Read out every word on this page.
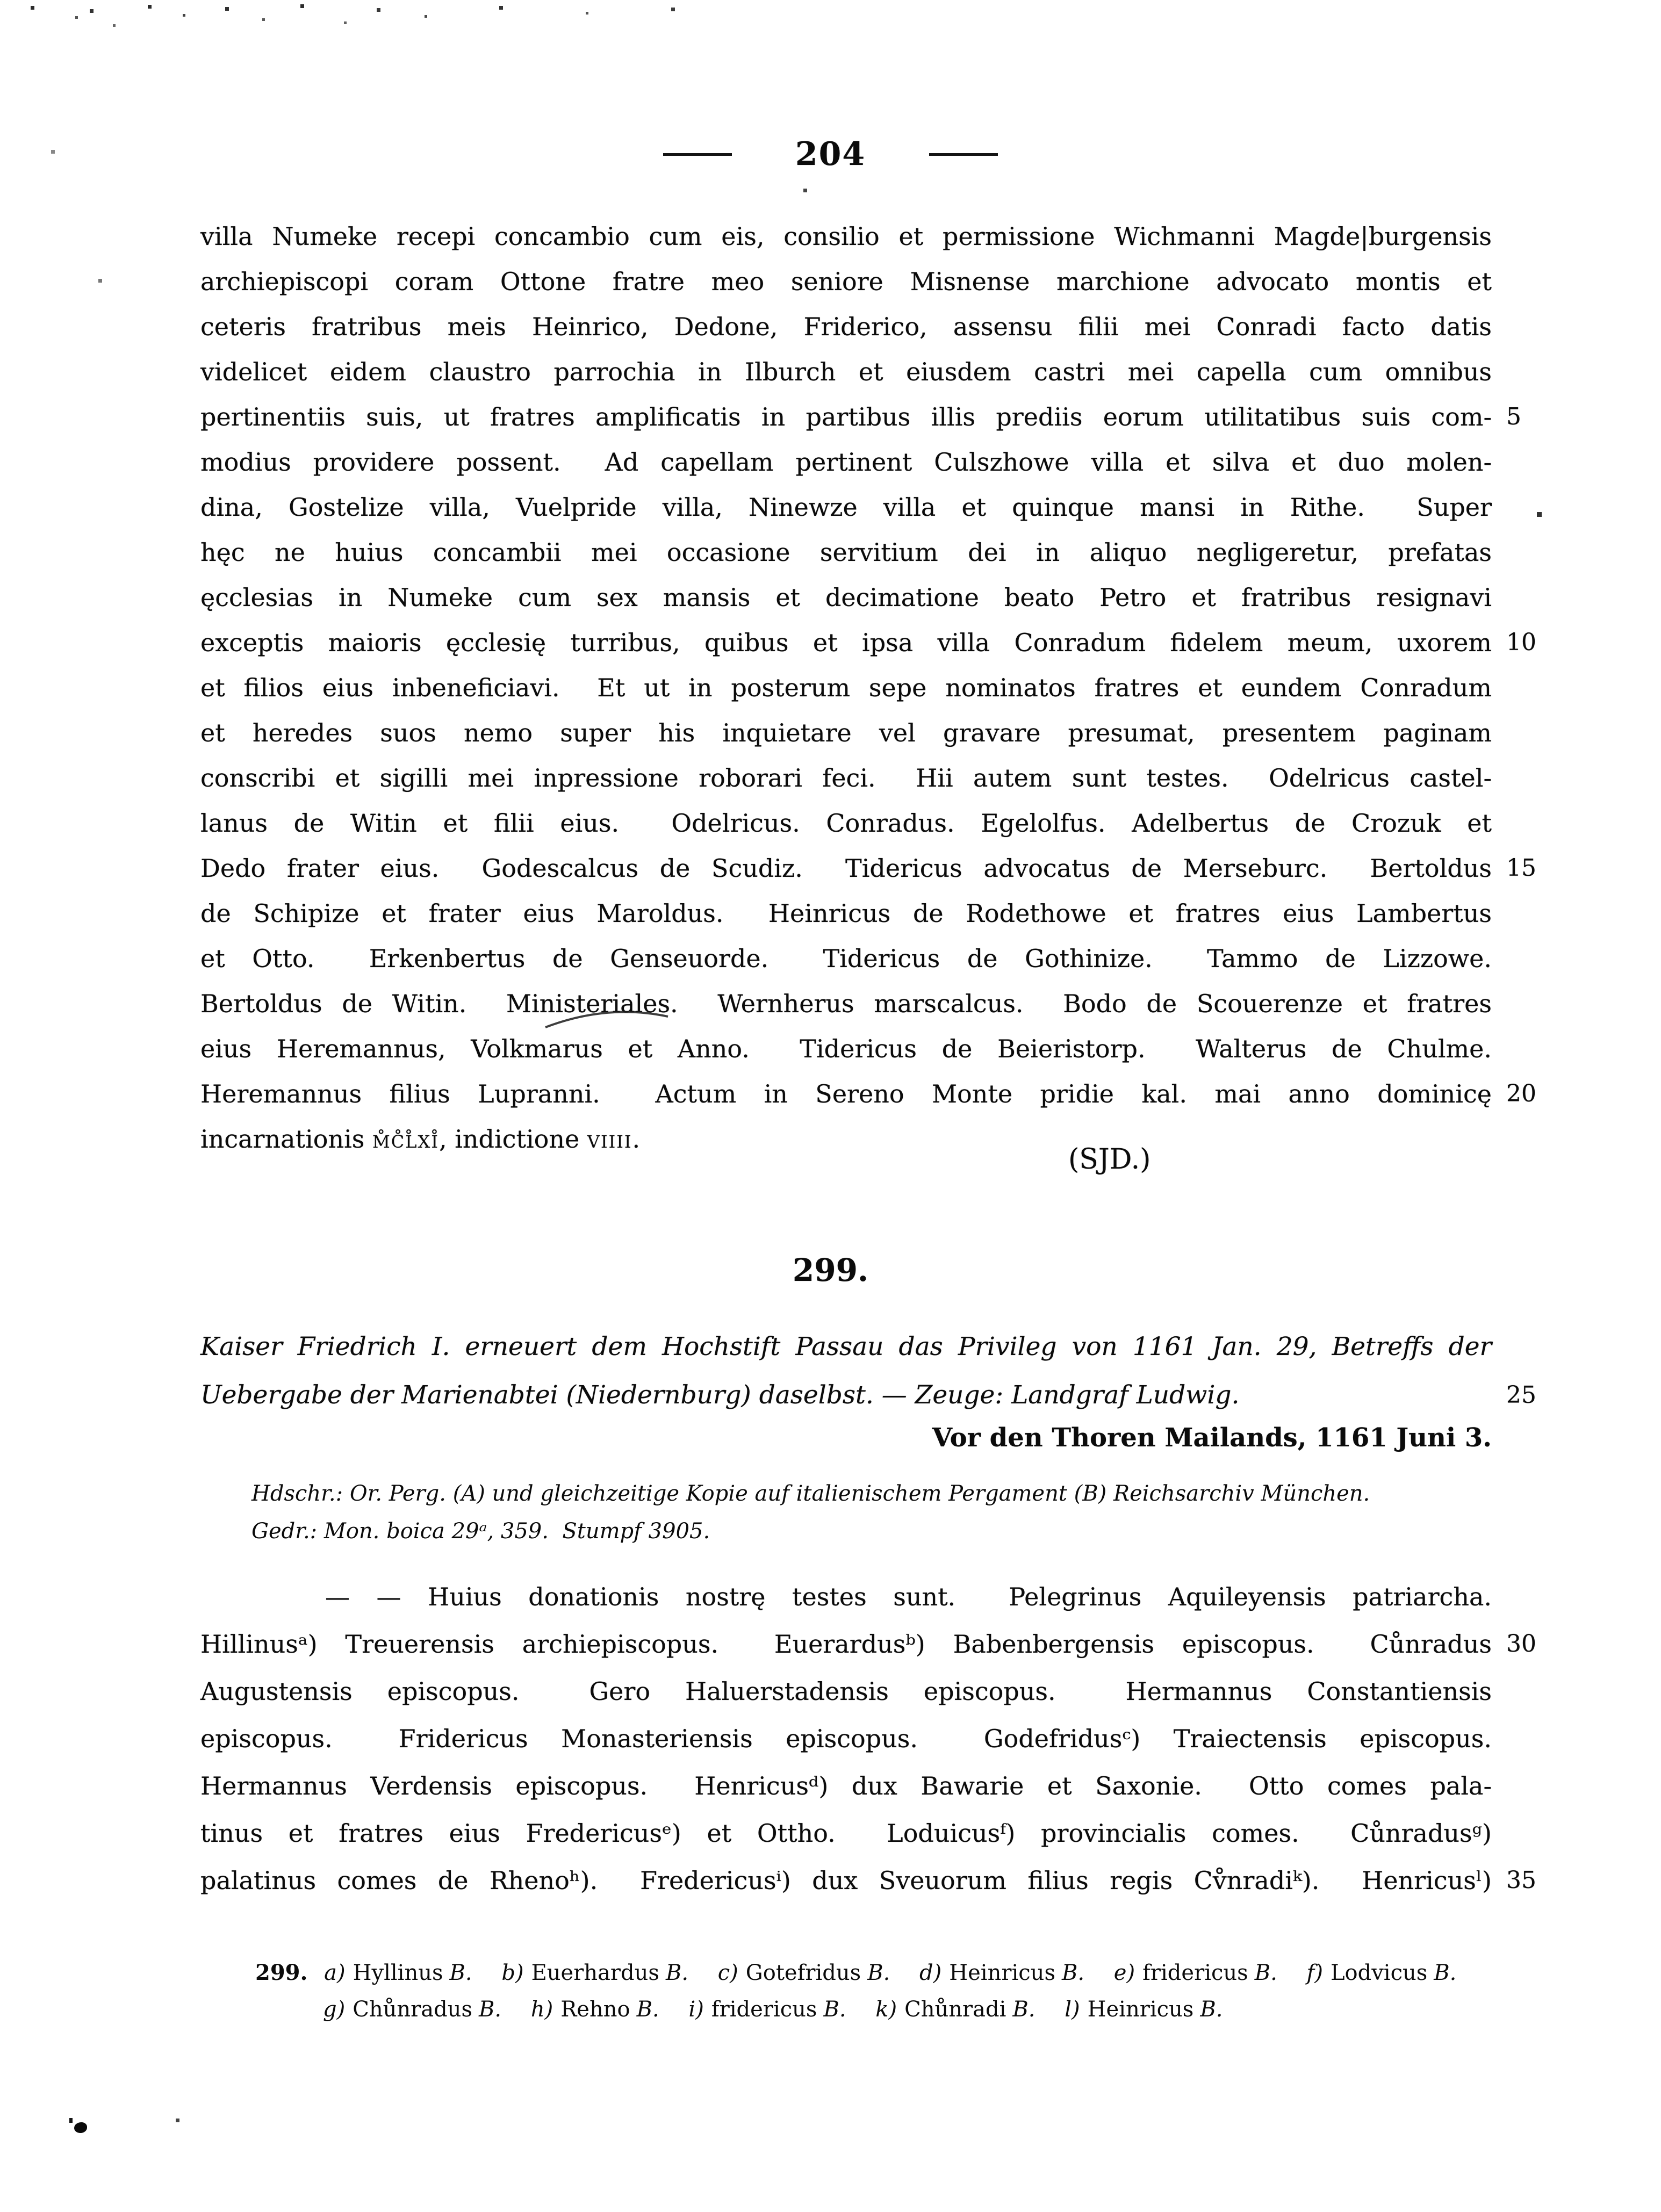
204
villa Numeke recepi concambio cum eis, consilio et permissione Wichmanni Magde|burgensis
archiepiscopi coram Ottone fratre meo seniore Misnense marchione advocato montis et
ceteris fratribus meis Heinrico, Dedone, Friderico, assensu filii mei Conradi facto datis
videlicet eidem claustro parrochia in Ilburch et eiusdem castri mei capella cum omnibus
pertinentiis suis, ut fratres amplificatis in partibus illis prediis eorum utilitatibus suis com- 5
modius providere possent.  Ad capellam pertinent Culszhowe villa et silva et duo molen-
dina, Gostelize villa, Vuelpride villa, Ninewze villa et quinque mansi in Rithe.  Super
hęc ne huius concambii mei occasione servitium dei in aliquo negligeretur, prefatas
ęcclesias in Numeke cum sex mansis et decimatione beato Petro et fratribus resignavi
exceptis maioris ęcclesię turribus, quibus et ipsa villa Conradum fidelem meum, uxorem 10
et filios eius inbeneficiavi.  Et ut in posterum sepe nominatos fratres et eundem Conradum
et heredes suos nemo super his inquietare vel gravare presumat, presentem paginam
conscribi et sigilli mei inpressione roborari feci.  Hii autem sunt testes.  Odelricus castel-
lanus de Witin et filii eius.  Odelricus. Conradus. Egelolfus. Adelbertus de Crozuk et
Dedo frater eius.  Godescalcus de Scudiz.  Tidericus advocatus de Merseburc.  Bertoldus 15
de Schipize et frater eius Maroldus.  Heinricus de Rodethowe et fratres eius Lambertus
et Otto.  Erkenbertus de Genseuorde.  Tidericus de Gothinize.  Tammo de Lizzowe.
Bertoldus de Witin.  Ministeriales.  Wernherus marscalcus.  Bodo de Scouerenze et fratres
eius Heremannus, Volkmarus et Anno.  Tidericus de Beieristorp.  Walterus de Chulme.
Heremannus filius Lupranni.  Actum in Sereno Monte pridie kal. mai anno dominicę 20
incarnationis m̊c̊l̊xi̊, indictione viiii.
(SJD.)
299.
Kaiser Friedrich I. erneuert dem Hochstift Passau das Privileg von 1161 Jan. 29, Betreffs der
Uebergabe der Marienabtei (Niedernburg) daselbst. — Zeuge: Landgraf Ludwig.	25
Vor den Thoren Mailands, 1161 Juni 3.
Hdschr.: Or. Perg. (A) und gleichzeitige Kopie auf italienischem Pergament (B) Reichsarchiv München.
Gedr.: Mon. boica 29ᵃ, 359.  Stumpf 3905.
— — Huius donationis nostrę testes sunt.  Pelegrinus Aquileyensis patriarcha.
Hillinusᵃ) Treuerensis archiepiscopus.  Euerardusᵇ) Babenbergensis episcopus.  Cůnradus 30
Augustensis episcopus.  Gero Haluerstadensis episcopus.  Hermannus Constantiensis
episcopus.  Fridericus Monasteriensis episcopus.  Godefridusᶜ) Traiectensis episcopus.
Hermannus Verdensis episcopus.  Henricusᵈ) dux Bawarie et Saxonie.  Otto comes pala-
tinus et fratres eius Fredericusᵉ) et Ottho.  Loduicusᶠ) provincialis comes.  Cůnradusᵍ)
palatinus comes de Rhenoʰ).  Fredericusⁱ) dux Sveuorum filius regis Cv̊nradiᵏ).  Henricusˡ) 35
299. a) Hyllinus B. b) Euerhardus B. c) Gotefridus B. d) Heinricus B. e) fridericus B. f) Lodvicus B.
g) Chůnradus B. h) Rehno B. i) fridericus B. k) Chůnradi B. l) Heinricus B.
